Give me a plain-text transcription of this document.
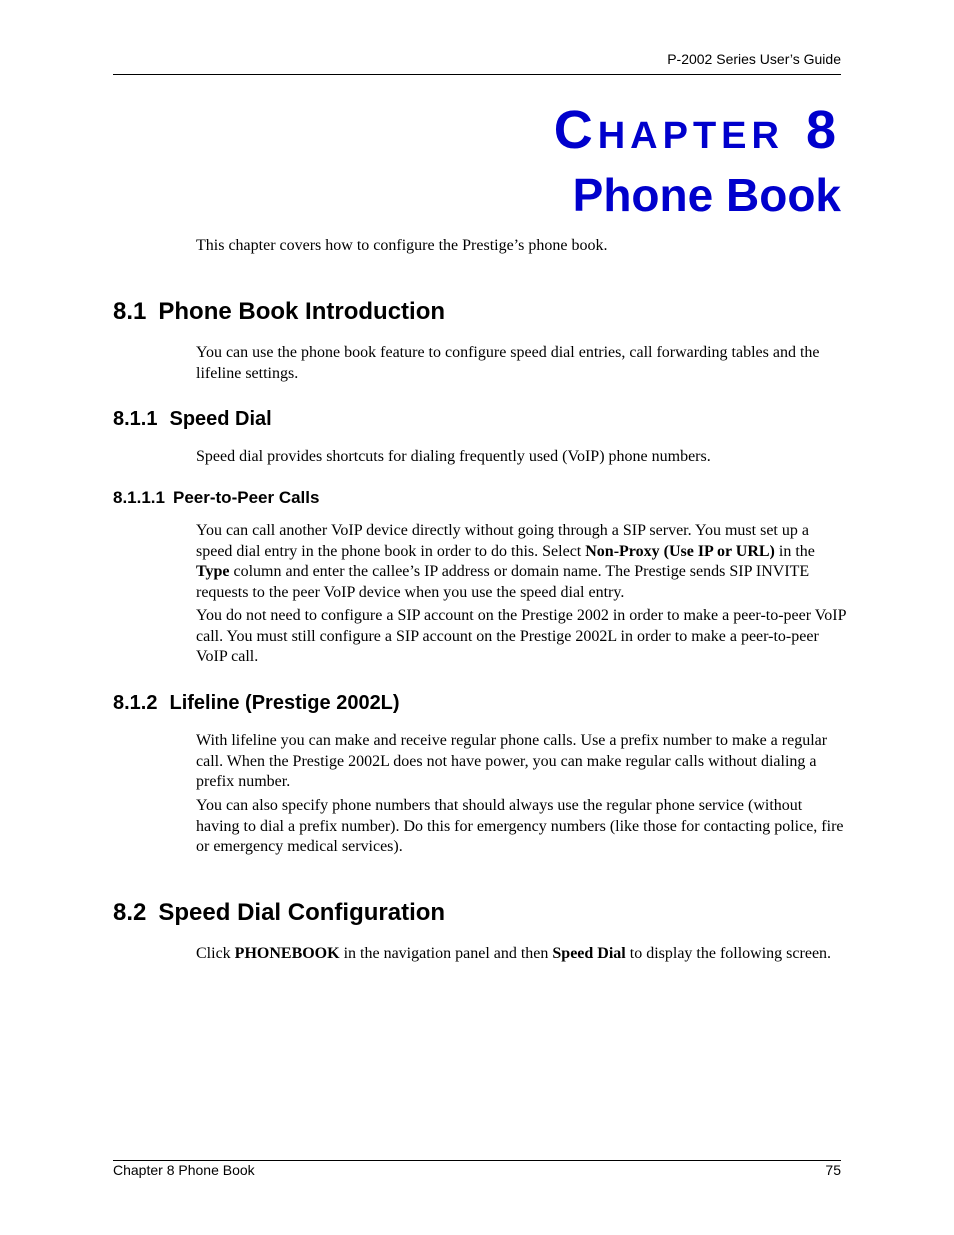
P-2002 Series User’s Guide
CHAPTER 8
Phone Book

This chapter covers how to configure the Prestige’s phone book.

8.1 Phone Book Introduction

You can use the phone book feature to configure speed dial entries, call forwarding tables and the lifeline settings.

8.1.1 Speed Dial

Speed dial provides shortcuts for dialing frequently used (VoIP) phone numbers.

8.1.1.1 Peer-to-Peer Calls

You can call another VoIP device directly without going through a SIP server. You must set up a speed dial entry in the phone book in order to do this. Select Non-Proxy (Use IP or URL) in the Type column and enter the callee’s IP address or domain name. The Prestige sends SIP INVITE requests to the peer VoIP device when you use the speed dial entry.

You do not need to configure a SIP account on the Prestige 2002 in order to make a peer-to-peer VoIP call. You must still configure a SIP account on the Prestige 2002L in order to make a peer-to-peer VoIP call.

8.1.2 Lifeline (Prestige 2002L)

With lifeline you can make and receive regular phone calls. Use a prefix number to make a regular call. When the Prestige 2002L does not have power, you can make regular calls without dialing a prefix number.

You can also specify phone numbers that should always use the regular phone service (without having to dial a prefix number). Do this for emergency numbers (like those for contacting police, fire or emergency medical services).

8.2 Speed Dial Configuration

Click PHONEBOOK in the navigation panel and then Speed Dial to display the following screen.

Chapter 8 Phone Book	75
